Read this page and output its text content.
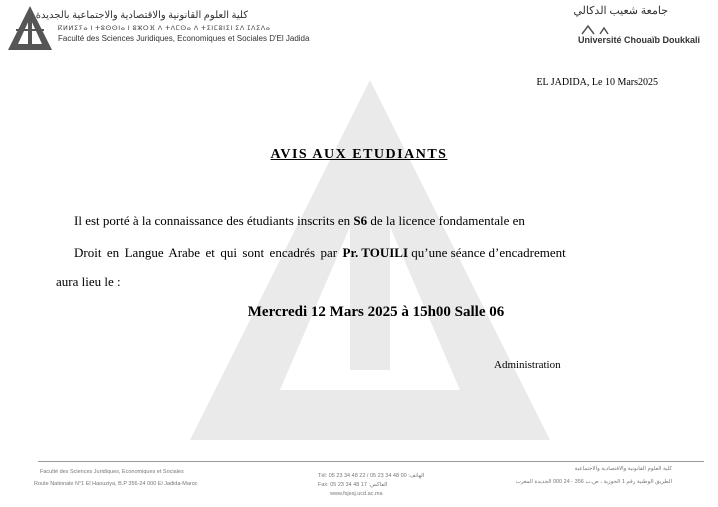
كلية العلوم القانونية والاقتصادية والاجتماعية بالجديدة
ⴽⵍⵍⵉⵢⴰ ⵏ ⵜⵓⵙⵙⵏⴰ ⵏ ⵓⵣⵔⴼ ⴷ ⵜⴷⵎⵙⴰ ⴷ ⵜⵉⵏⵎⵓⵏⵉⵏ ⵉⴷ ⵊⴷⵉⴷⴰ
Faculté des Sciences Juridiques, Economiques et Sociales D'El Jadida
جامعة شعيب الدكالي
Université Chouaïb Doukkali
EL JADIDA, Le 10 Mars2025
AVIS AUX ETUDIANTS
Il est porté à la connaissance des étudiants inscrits en S6 de la licence fondamentale en
Droit en Langue Arabe et qui sont encadrés par Pr. TOUILI qu’une séance d’encadrement
aura lieu le :
Mercredi 12 Mars 2025 à 15h00 Salle 06
Administration
Faculté des Sciences Juridiques, Economiques et Sociales
Route Nationale N°1 El Haouziya, B.P 356-24 000 El Jadida-Maroc
Tél: 05 23 34 48 22 / 05 23 34 48 00 :الهاتف
Fax: 05 23 34 48 17 :الفاكس
www.fsjesj.ucd.ac.ma
كلية العلوم القانونية والاقتصادية والاجتماعية
الطريق الوطنية رقم 1 الحوزية ، ص.ب 356 - 24 000 الجديدة المغرب
